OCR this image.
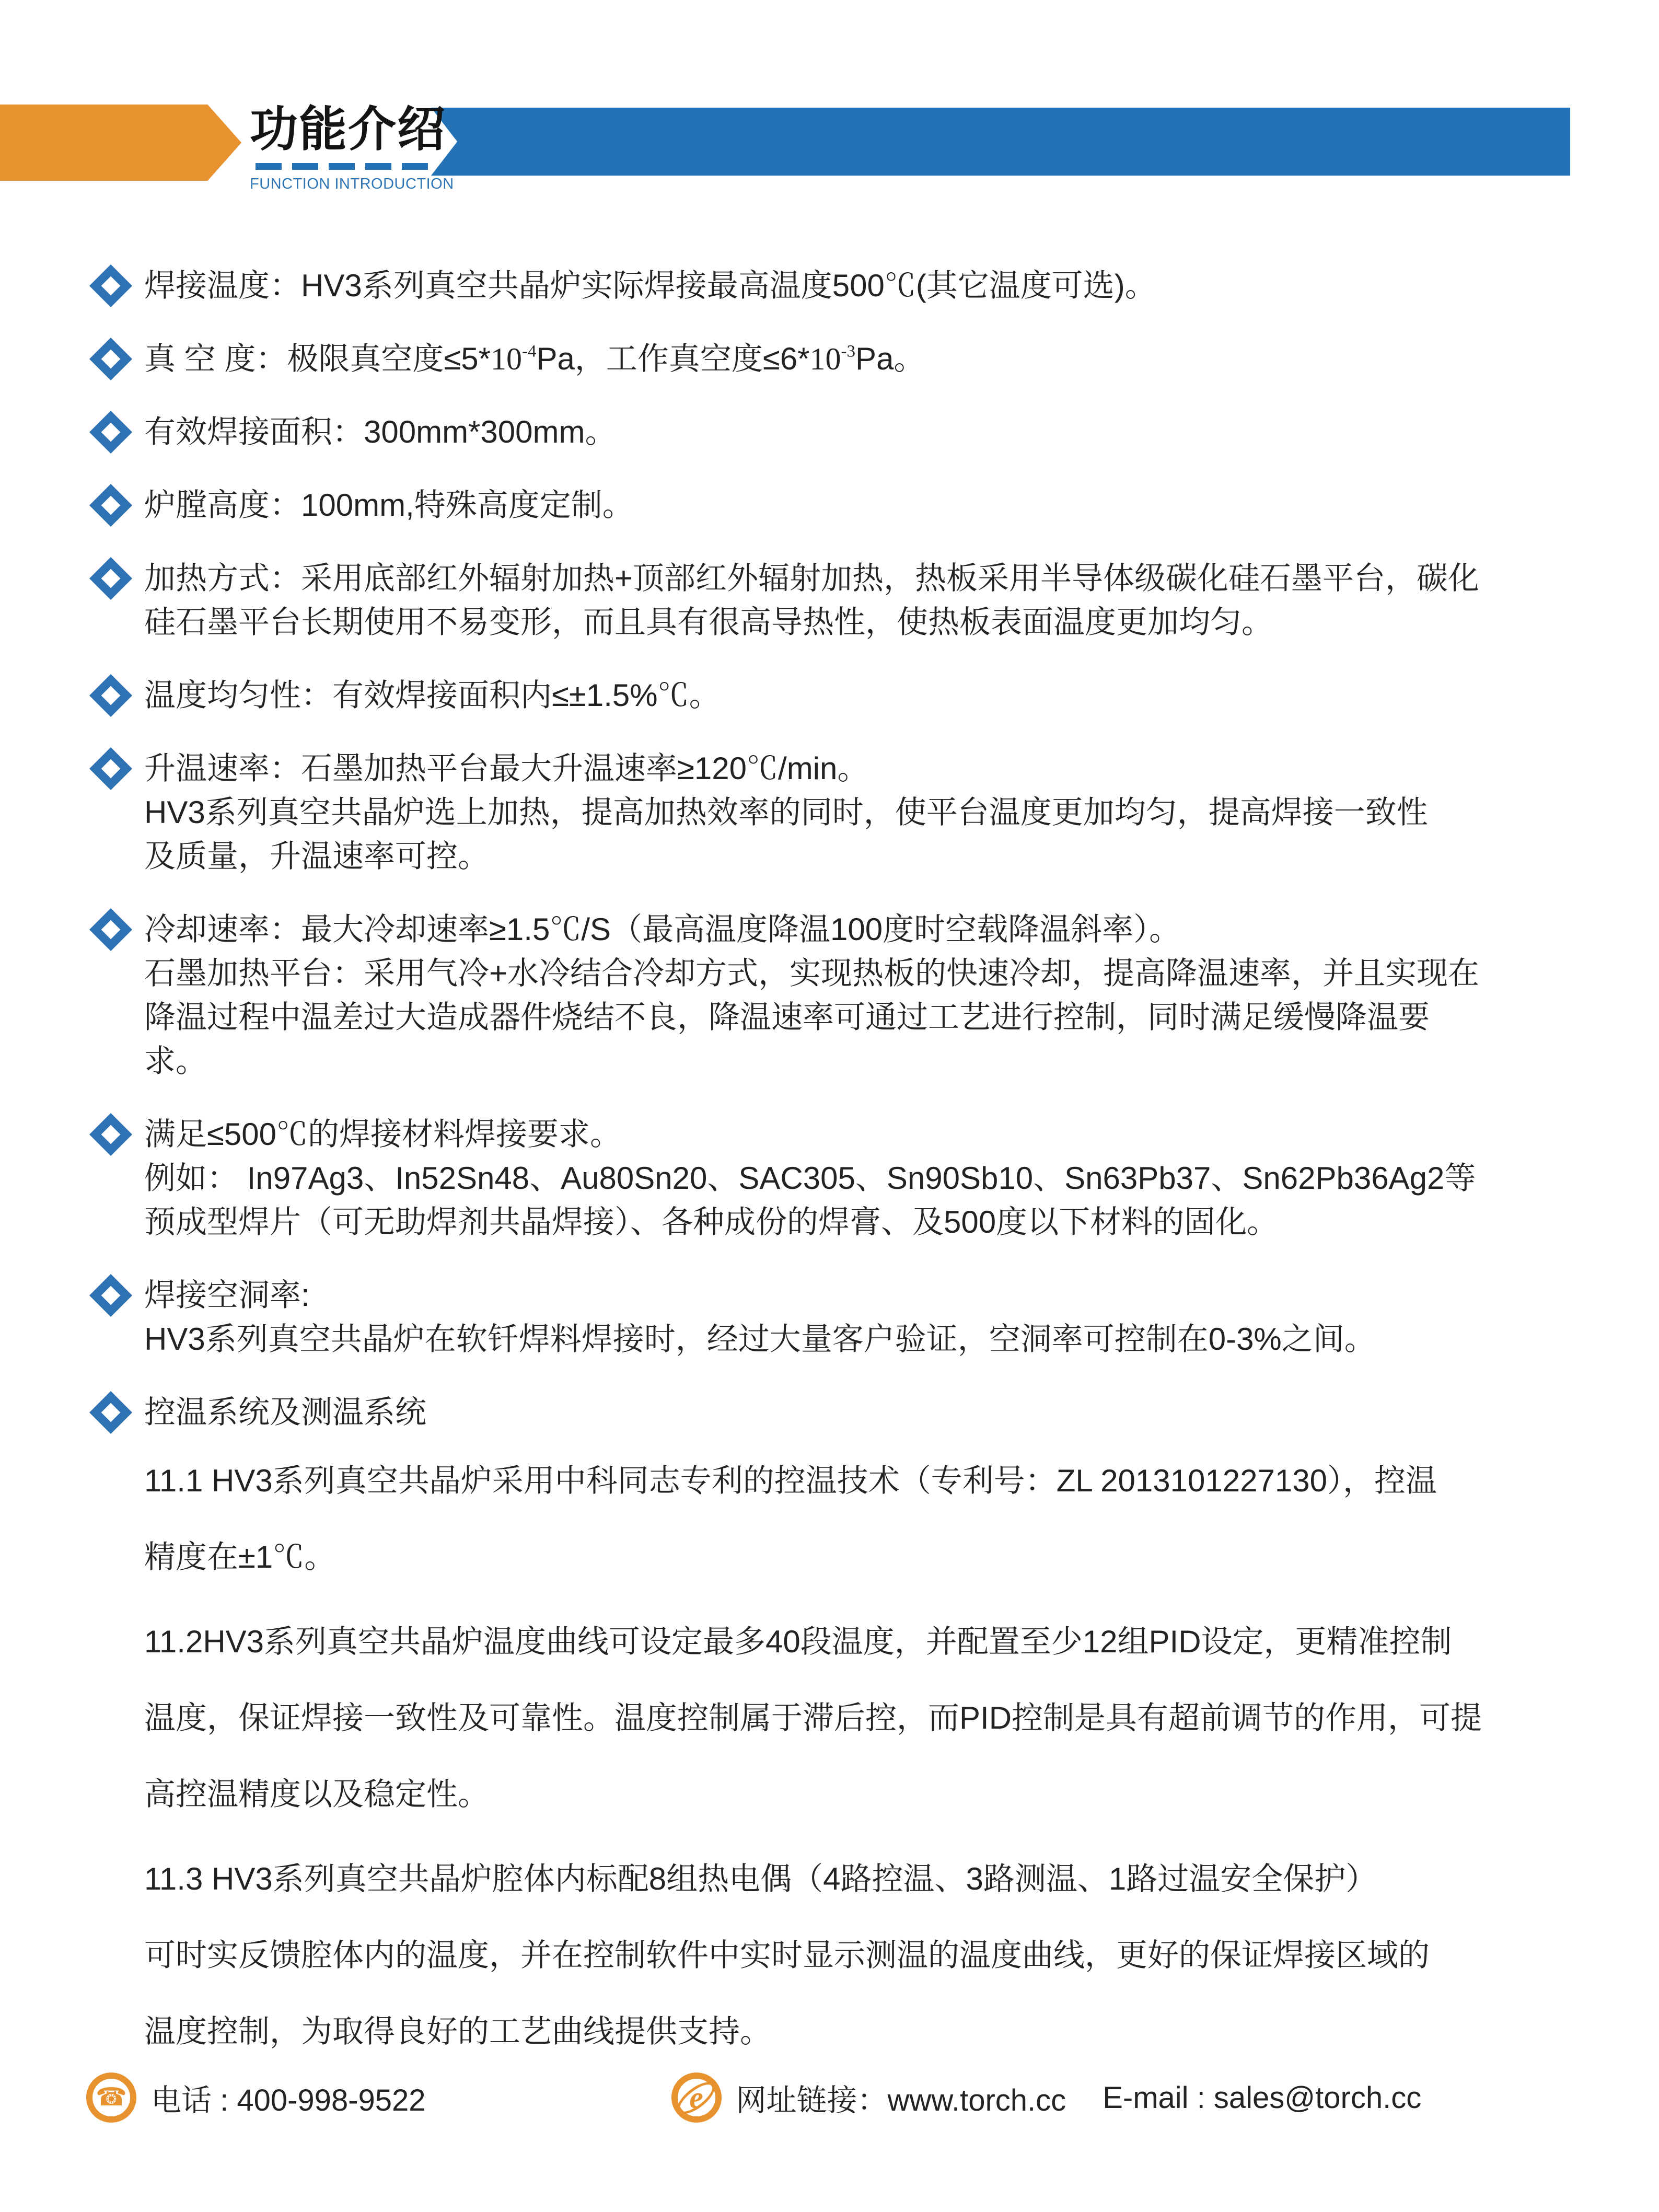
功能介绍
FUNCTION INTRODUCTION
焊接温度：HV3系列真空共晶炉实际焊接最高温度500℃(其它温度可选)。
真 空 度：极限真空度$\le 5*10^{-4}Pa$，工作真空度$\le 6*10^{-3}Pa$。
有效焊接面积：300mm*300mm。
炉膛高度：100mm,特殊高度定制。
加热方式：采用底部红外辐射加热+顶部红外辐射加热，热板采用半导体级碳化硅石墨平台，碳化
硅石墨平台长期使用不易变形，而且具有很高导热性，使热板表面温度更加均匀。
温度均匀性：有效焊接面积内≤±1.5%℃。
升温速率：石墨加热平台最大升温速率≥120℃/min。
HV3系列真空共晶炉选上加热，提高加热效率的同时，使平台温度更加均匀，提高焊接一致性
及质量，升温速率可控。
冷却速率：最大冷却速率≥1.5℃/S（最高温度降温100度时空载降温斜率）。
石墨加热平台：采用气冷+水冷结合冷却方式，实现热板的快速冷却，提高降温速率，并且实现在
降温过程中温差过大造成器件烧结不良，降温速率可通过工艺进行控制，同时满足缓慢降温要
求。
满足≤500℃的焊接材料焊接要求。
例如： In97Ag3、In52Sn48、Au80Sn20、SAC305、Sn90Sb10、Sn63Pb37、Sn62Pb36Ag2等
预成型焊片（可无助焊剂共晶焊接）、各种成份的焊膏、及500度以下材料的固化。
焊接空洞率:
HV3系列真空共晶炉在软钎焊料焊接时，经过大量客户验证，空洞率可控制在0-3%之间。
控温系统及测温系统
11.1 HV3系列真空共晶炉采用中科同志专利的控温技术（专利号：ZL 2013101227130），控温
精度在±1℃。
11.2HV3系列真空共晶炉温度曲线可设定最多40段温度，并配置至少12组PID设定，更精准控制
温度，保证焊接一致性及可靠性。温度控制属于滞后控，而PID控制是具有超前调节的作用，可提
高控温精度以及稳定性。
11.3 HV3系列真空共晶炉腔体内标配8组热电偶（4路控温、3路测温、1路过温安全保护）
可时实反馈腔体内的温度，并在控制软件中实时显示测温的温度曲线，更好的保证焊接区域的
温度控制，为取得良好的工艺曲线提供支持。
☎ 电话 : 400-998-9522	e 网址链接：www.torch.cc E-mail : sales@torch.cc
